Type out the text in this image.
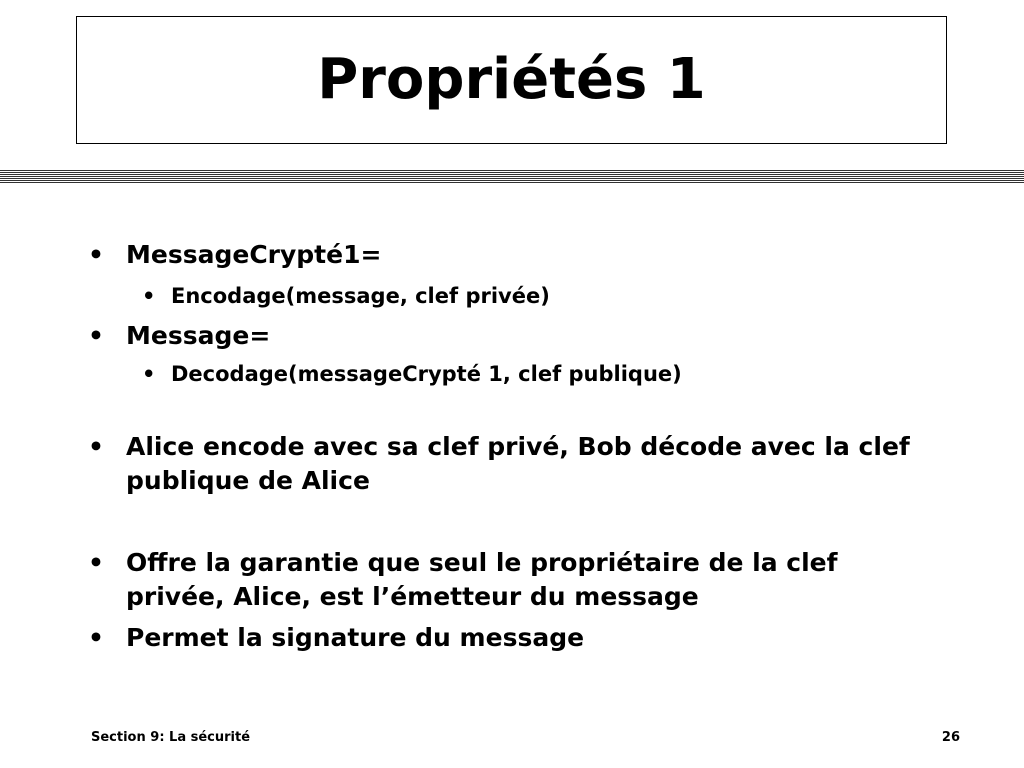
Propriétés 1
• MessageCrypté1=
• Encodage(message, clef privée)
• Message=
• Decodage(messageCrypté 1, clef publique)
• Alice encode avec sa clef privé, Bob décode avec la clef publique de Alice
• Offre la garantie que seul le propriétaire de la clef privée, Alice, est l’émetteur du message
• Permet la signature du message
Section 9: La sécurité	26
